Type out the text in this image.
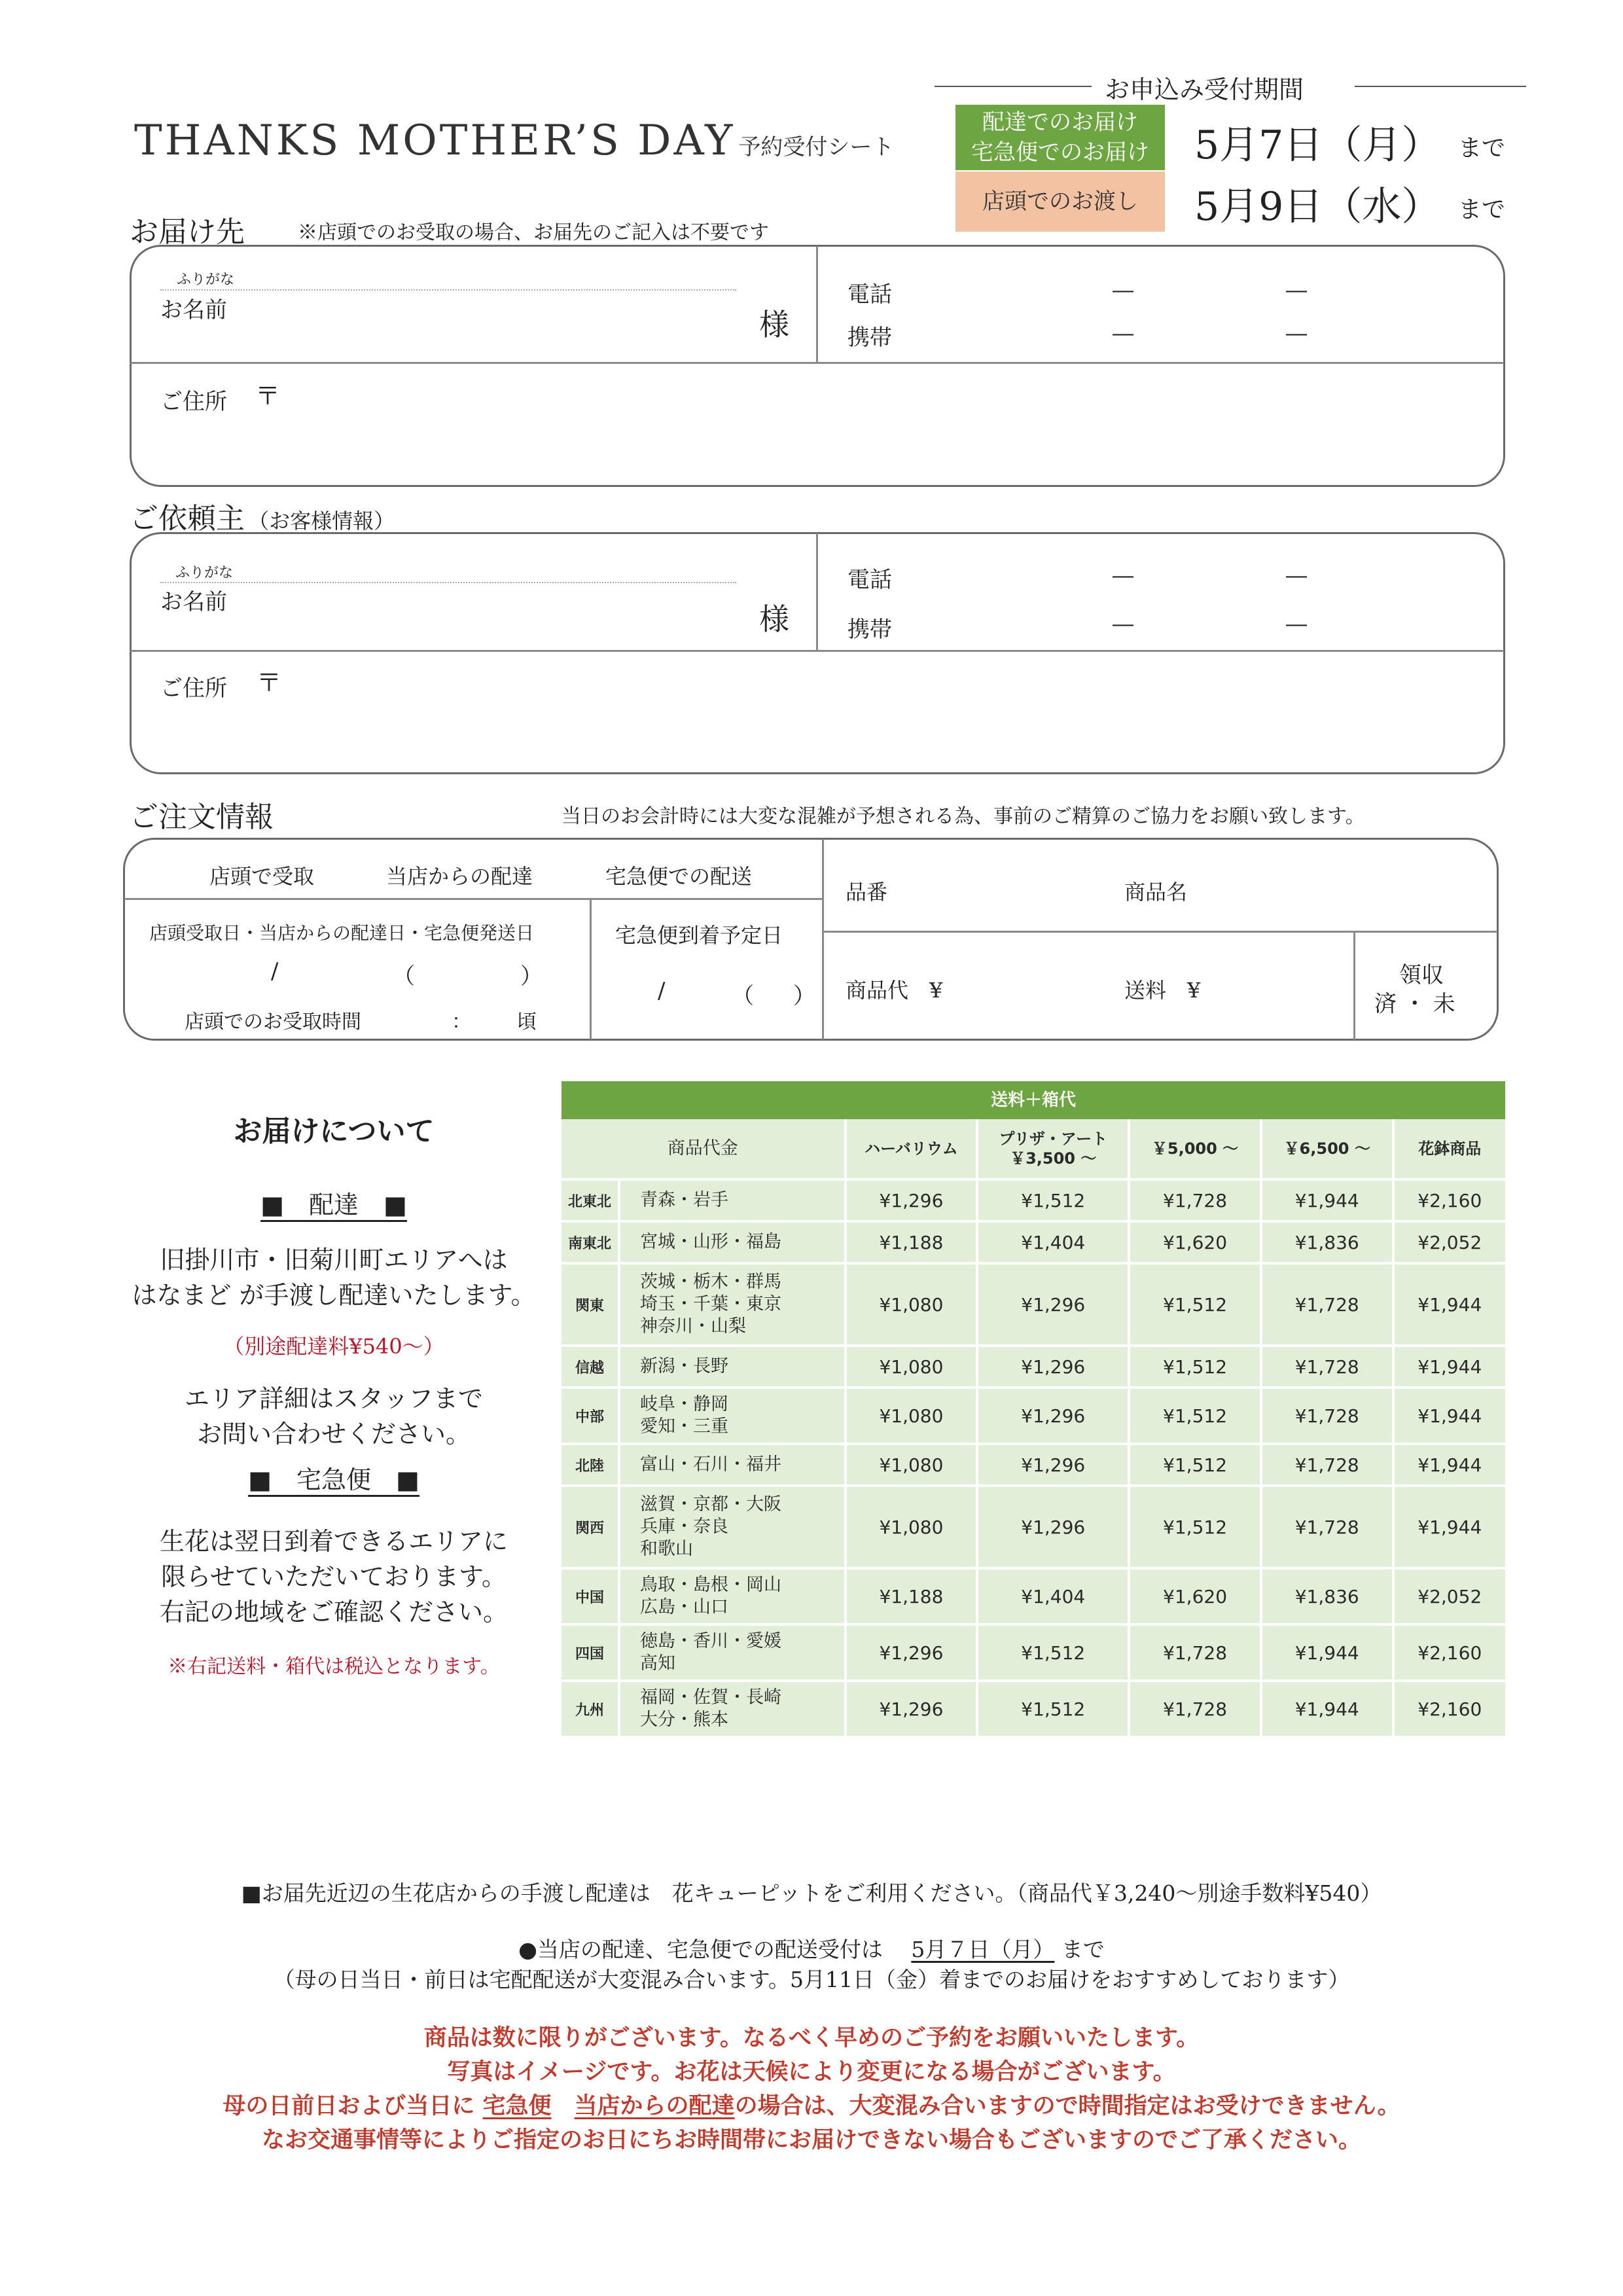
THANKS MOTHER’S DAY 予約受付シート
お申込み受付期間
配達でのお届け
宅急便でのお届け	5月7日（月） まで
店頭でのお渡し	5月9日（水） まで
お届け先	※店頭でのお受取の場合、お届先のご記入は不要です
ふりがな
お名前	様
電話	―	―
携帯	―	―
ご住所 〒
ご依頼主 （お客様情報）
ふりがな
お名前	様
電話	―	―
携帯	―	―
ご住所 〒
ご注文情報	当日のお会計時には大変な混雑が予想される為、事前のご精算のご協力をお願い致します。
店頭で受取	当店からの配達	宅急便での配送
店頭受取日・当店からの配達日・宅急便発送日
/	（	）
店頭でのお受取時間	： 頃
宅急便到着予定日
/	（ ）
品番	商品名
商品代　¥	送料　¥
領収
済 ・ 未
お届けについて
■　配達　■
旧掛川市・旧菊川町エリアへは
はなまど が手渡し配達いたします。
（別途配達料¥540～）
エリア詳細はスタッフまで
お問い合わせください。
■　宅急便　■
生花は翌日到着できるエリアに
限らせていただいております。
右記の地域をご確認ください。
※右記送料・箱代は税込となります。
送料＋箱代
商品代金		ハーバリウム	プリザ・アート
￥3,500 ～	￥5,000 ～	￥6,500 ～	花鉢商品
北東北	青森・岩手	¥1,296	¥1,512	¥1,728	¥1,944	¥2,160
南東北	宮城・山形・福島	¥1,188	¥1,404	¥1,620	¥1,836	¥2,052
関東	茨城・栃木・群馬
埼玉・千葉・東京
神奈川・山梨	¥1,080	¥1,296	¥1,512	¥1,728	¥1,944
信越	新潟・長野	¥1,080	¥1,296	¥1,512	¥1,728	¥1,944
中部	岐阜・静岡
愛知・三重	¥1,080	¥1,296	¥1,512	¥1,728	¥1,944
北陸	富山・石川・福井	¥1,080	¥1,296	¥1,512	¥1,728	¥1,944
関西	滋賀・京都・大阪
兵庫・奈良
和歌山	¥1,080	¥1,296	¥1,512	¥1,728	¥1,944
中国	鳥取・島根・岡山
広島・山口	¥1,188	¥1,404	¥1,620	¥1,836	¥2,052
四国	徳島・香川・愛媛
高知	¥1,296	¥1,512	¥1,728	¥1,944	¥2,160
九州	福岡・佐賀・長崎
大分・熊本	¥1,296	¥1,512	¥1,728	¥1,944	¥2,160
■お届先近辺の生花店からの手渡し配達は　花キューピットをご利用ください。（商品代￥3,240～別途手数料¥540）
●当店の配達、宅急便での配送受付は　 5月７日（月） まで
（母の日当日・前日は宅配配送が大変混み合います。5月11日（金）着までのお届けをおすすめしております）
商品は数に限りがございます。なるべく早めのご予約をお願いいたします。
写真はイメージです。お花は天候により変更になる場合がございます。
母の日前日および当日に 宅急便　 当店からの配達の場合は、大変混み合いますので時間指定はお受けできません。
なお交通事情等によりご指定のお日にちお時間帯にお届けできない場合もございますのでご了承ください。
